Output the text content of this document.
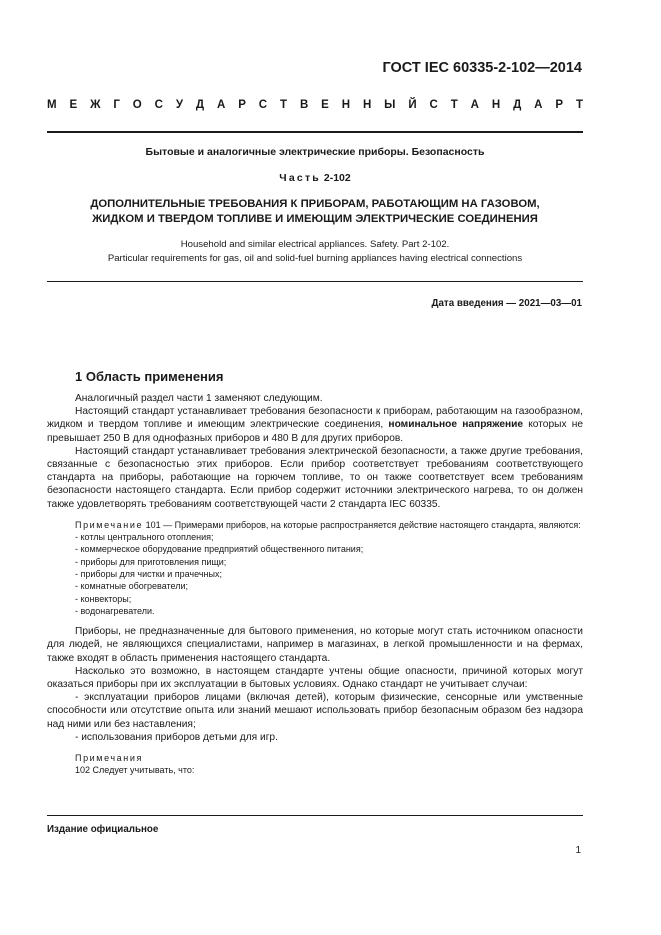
ГОСТ IEC 60335-2-102—2014
М Е Ж Г О С У Д А Р С Т В Е Н Н Ы Й С Т А Н Д А Р Т
Бытовые и аналогичные электрические приборы. Безопасность
Часть 2-102
ДОПОЛНИТЕЛЬНЫЕ ТРЕБОВАНИЯ К ПРИБОРАМ, РАБОТАЮЩИМ НА ГАЗОВОМ,
ЖИДКОМ И ТВЕРДОМ ТОПЛИВЕ И ИМЕЮЩИМ ЭЛЕКТРИЧЕСКИЕ СОЕДИНЕНИЯ
Household and similar electrical appliances. Safety. Part 2-102.
Particular requirements for gas, oil and solid-fuel burning appliances having electrical connections
Дата введения — 2021—03—01
1 Область применения

Аналогичный раздел части 1 заменяют следующим.

Настоящий стандарт устанавливает требования безопасности к приборам, работающим на газообразном, жидком и твердом топливе и имеющим электрические соединения, номинальное напряжение которых не превышает 250 В для однофазных приборов и 480 В для других приборов.

Настоящий стандарт устанавливает требования электрической безопасности, а также другие требования, связанные с безопасностью этих приборов. Если прибор соответствует требованиям соответствующего стандарта на приборы, работающие на горючем топливе, то он также соответствует всем требованиям безопасности настоящего стандарта. Если прибор содержит источники электрического нагрева, то он должен также удовлетворять требованиям соответствующей части 2 стандарта IEC 60335.

Примечание 101 — Примерами приборов, на которые распространяется действие настоящего стандарта, являются:

- котлы центрального отопления;
- коммерческое оборудование предприятий общественного питания;
- приборы для приготовления пищи;
- приборы для чистки и прачечных;
- комнатные обогреватели;
- конвекторы;
- водонагреватели.

Приборы, не предназначенные для бытового применения, но которые могут стать источником опасности для людей, не являющихся специалистами, например в магазинах, в легкой промышленности и на фермах, также входят в область применения настоящего стандарта.

Насколько это возможно, в настоящем стандарте учтены общие опасности, причиной которых могут оказаться приборы при их эксплуатации в бытовых условиях. Однако стандарт не учитывает случаи:

- эксплуатации приборов лицами (включая детей), которым физические, сенсорные или умственные способности или отсутствие опыта или знаний мешают использовать прибор безопасным образом без надзора над ними или без наставления;

- использования приборов детьми для игр.

Примечания

102 Следует учитывать, что:

Издание официальное
1
